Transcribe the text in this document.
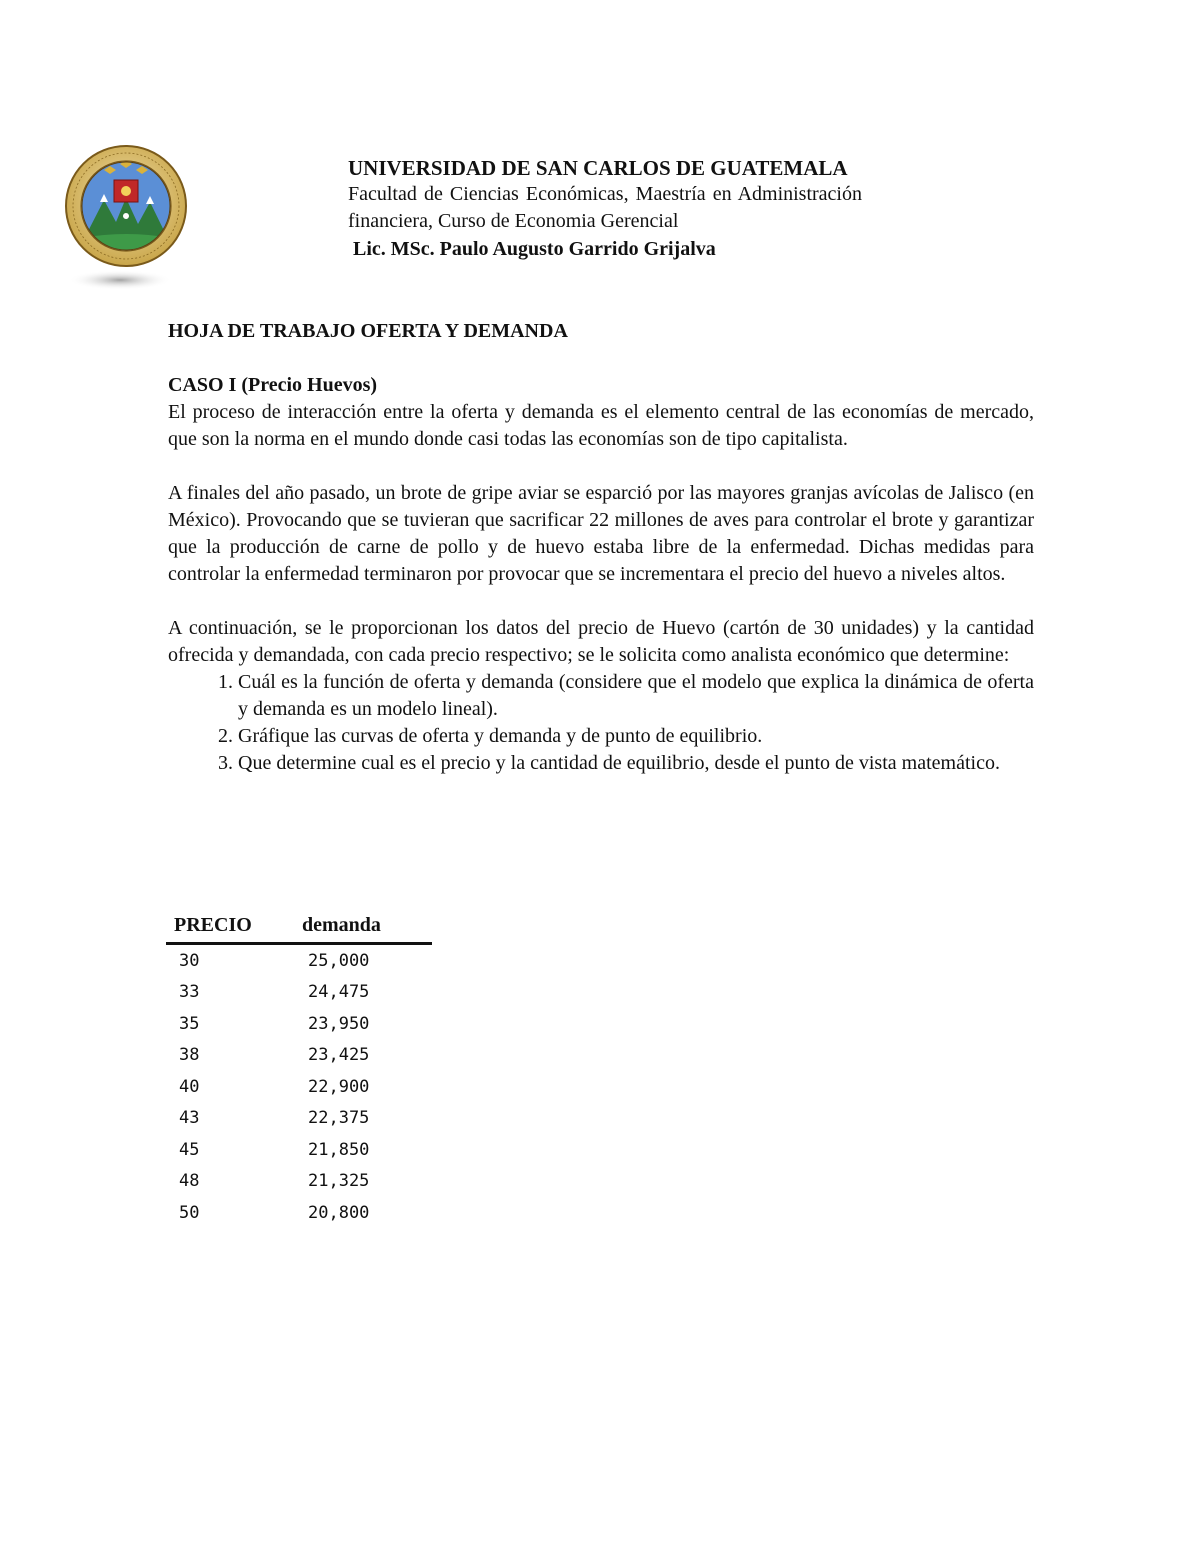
UNIVERSIDAD DE SAN CARLOS DE GUATEMALA
Facultad de Ciencias Económicas, Maestría en Administración financiera, Curso de Economia Gerencial
Lic. MSc. Paulo Augusto Garrido Grijalva
HOJA DE TRABAJO OFERTA Y DEMANDA
CASO I (Precio Huevos)

El proceso de interacción entre la oferta y demanda es el elemento central de las economías de mercado, que son la norma en el mundo donde casi todas las economías son de tipo capitalista.

A finales del año pasado, un brote de gripe aviar se esparció por las mayores granjas avícolas de Jalisco (en México). Provocando que se tuvieran que sacrificar 22 millones de aves para controlar el brote y garantizar que la producción de carne de pollo y de huevo estaba libre de la enfermedad. Dichas medidas para controlar la enfermedad terminaron por provocar que se incrementara el precio del huevo a niveles altos.

A continuación, se le proporcionan los datos del precio de Huevo (cartón de 30 unidades) y la cantidad ofrecida y demandada, con cada precio respectivo; se le solicita como analista económico que determine:

1. Cuál es la función de oferta y demanda (considere que el modelo que explica la dinámica de oferta y demanda es un modelo lineal).
2. Gráfique las curvas de oferta y demanda y de punto de equilibrio.
3. Que determine cual es el precio y la cantidad de equilibrio, desde el punto de vista matemático.
PRECIO	demanda
30	25,000
33	24,475
35	23,950
38	23,425
40	22,900
43	22,375
45	21,850
48	21,325
50	20,800
